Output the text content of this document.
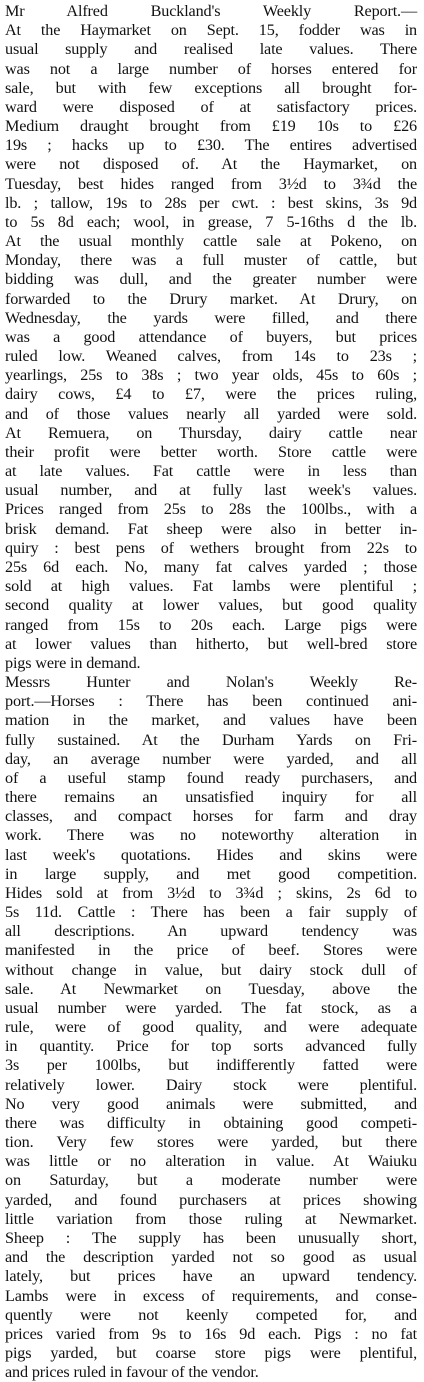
Mr Alfred Buckland's Weekly Report.—
At the Haymarket on Sept. 15, fodder was in
usual supply and realised late values. There
was not a large number of horses entered for
sale, but with few exceptions all brought for-
ward were disposed of at satisfactory prices.
Medium draught brought from £19 10s to £26
19s ; hacks up to £30. The entires advertised
were not disposed of. At the Haymarket, on
Tuesday, best hides ranged from 3½d to 3¾d the
lb. ; tallow, 19s to 28s per cwt. : best skins, 3s 9d
to 5s 8d each; wool, in grease, 7 5-16ths d the lb.
At the usual monthly cattle sale at Pokeno, on
Monday, there was a full muster of cattle, but
bidding was dull, and the greater number were
forwarded to the Drury market. At Drury, on
Wednesday, the yards were filled, and there
was a good attendance of buyers, but prices
ruled low. Weaned calves, from 14s to 23s ;
yearlings, 25s to 38s ; two year olds, 45s to 60s ;
dairy cows, £4 to £7, were the prices ruling,
and of those values nearly all yarded were sold.
At Remuera, on Thursday, dairy cattle near
their profit were better worth. Store cattle were
at late values. Fat cattle were in less than
usual number, and at fully last week's values.
Prices ranged from 25s to 28s the 100lbs., with a
brisk demand. Fat sheep were also in better in-
quiry : best pens of wethers brought from 22s to
25s 6d each. No, many fat calves yarded ; those
sold at high values. Fat lambs were plentiful ;
second quality at lower values, but good quality
ranged from 15s to 20s each. Large pigs were
at lower values than hitherto, but well-bred store
pigs were in demand.
Messrs Hunter and Nolan's Weekly Re-
port.—Horses : There has been continued ani-
mation in the market, and values have been
fully sustained. At the Durham Yards on Fri-
day, an average number were yarded, and all
of a useful stamp found ready purchasers, and
there remains an unsatisfied inquiry for all
classes, and compact horses for farm and dray
work. There was no noteworthy alteration in
last week's quotations. Hides and skins were
in large supply, and met good competition.
Hides sold at from 3½d to 3¾d ; skins, 2s 6d to
5s 11d. Cattle : There has been a fair supply of
all descriptions. An upward tendency was
manifested in the price of beef. Stores were
without change in value, but dairy stock dull of
sale. At Newmarket on Tuesday, above the
usual number were yarded. The fat stock, as a
rule, were of good quality, and were adequate
in quantity. Price for top sorts advanced fully
3s per 100lbs, but indifferently fatted were
relatively lower. Dairy stock were plentiful.
No very good animals were submitted, and
there was difficulty in obtaining good competi-
tion. Very few stores were yarded, but there
was little or no alteration in value. At Waiuku
on Saturday, but a moderate number were
yarded, and found purchasers at prices showing
little variation from those ruling at Newmarket.
Sheep : The supply has been unusually short,
and the description yarded not so good as usual
lately, but prices have an upward tendency.
Lambs were in excess of requirements, and conse-
quently were not keenly competed for, and
prices varied from 9s to 16s 9d each. Pigs : no fat
pigs yarded, but coarse store pigs were plentiful,
and prices ruled in favour of the vendor.
